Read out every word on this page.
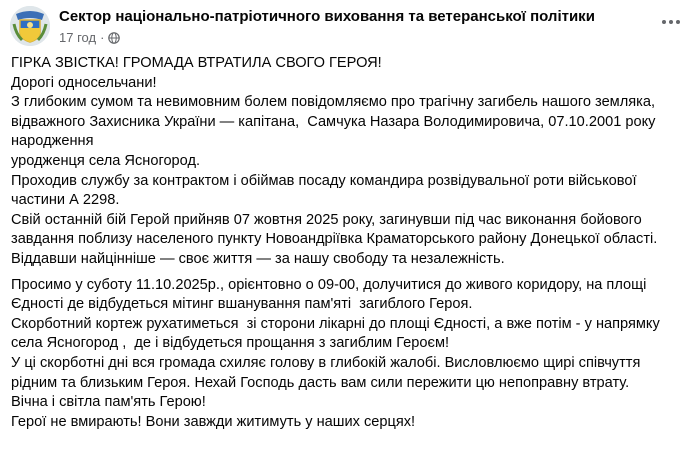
Сектор національно-патріотичного виховання та ветеранської політики
17 год ·

ГІРКА ЗВІСТКА! ГРОМАДА ВТРАТИЛА СВОГО ГЕРОЯ!

Дорогі односельчани!

З глибоким сумом та невимовним болем повідомляємо про трагічну загибель нашого земляка,

відважного Захисника України — капітана,  Самчука Назара Володимировича, 07.10.2001 року

народження

уродженця села Ясногород.

Проходив службу за контрактом і обіймав посаду командира розвідувальної роти військової

частини А 2298.

Свій останній бій Герой прийняв 07 жовтня 2025 року, загинувши під час виконання бойового

завдання поблизу населеного пункту Новоандріївка Краматорського району Донецької області.

Віддавши найцінніше — своє життя — за нашу свободу та незалежність.

Просимо у суботу 11.10.2025р., орієнтовно о 09-00, долучитися до живого коридору, на площі

Єдності де відбудеться мітинг вшанування пам'яті  загиблого Героя.

Скорботний кортеж рухатиметься  зі сторони лікарні до площі Єдності, а вже потім - у напрямку

села Ясногород ,  де і відбудеться прощання з загиблим Героєм!

У ці скорботні дні вся громада схиляє голову в глибокій жалобі. Висловлюємо щирі співчуття

рідним та близьким Героя. Нехай Господь дасть вам сили пережити цю непоправну втрату.

Вічна і світла пам'ять Герою!

Герої не вмирають! Вони завжди житимуть у наших серцях!
